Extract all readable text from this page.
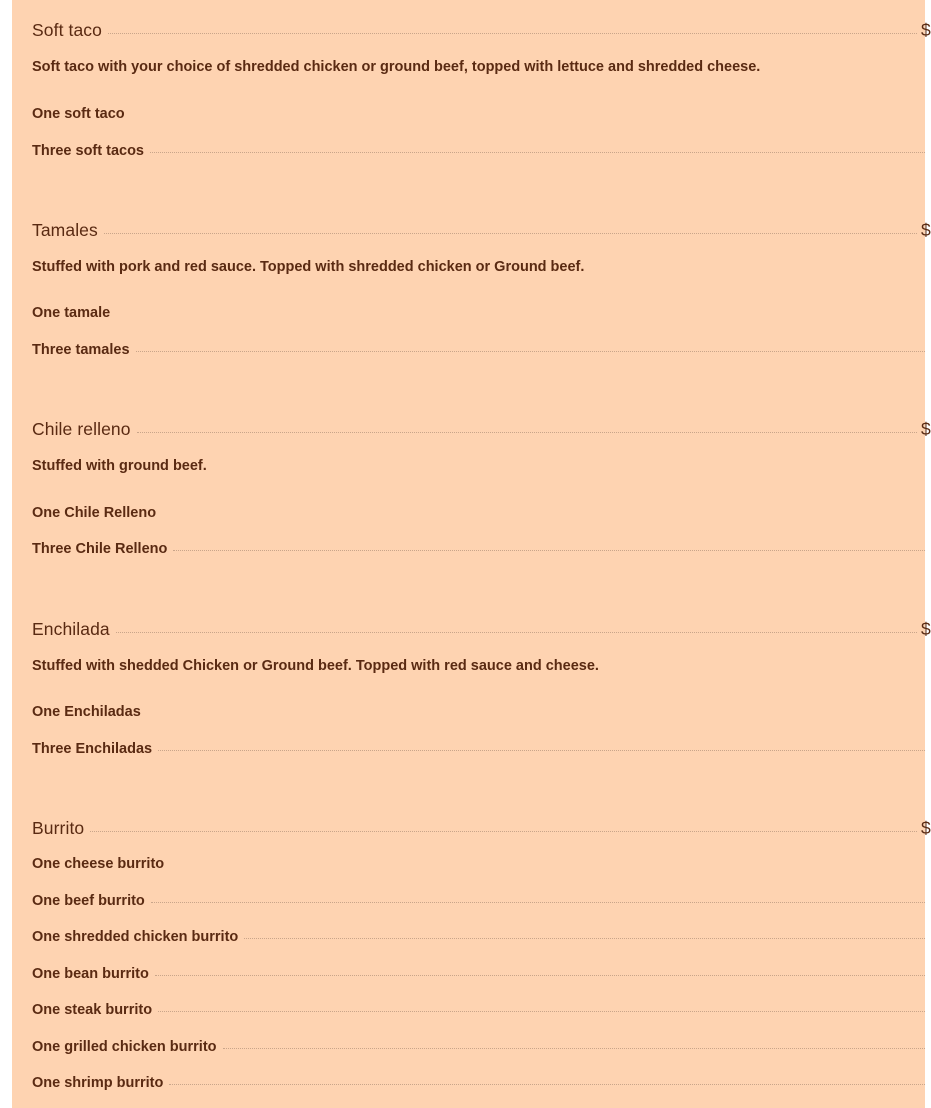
Soft taco	$
Soft taco with your choice of shredded chicken or ground beef, topped with lettuce and shredded cheese.
One soft taco
Three soft tacos
Tamales	$
Stuffed with pork and red sauce. Topped with shredded chicken or Ground beef.
One tamale
Three tamales
Chile relleno	$
Stuffed with ground beef.
One Chile Relleno
Three Chile Relleno
Enchilada	$
Stuffed with shedded Chicken or Ground beef. Topped with red sauce and cheese.
One Enchiladas
Three Enchiladas
Burrito	$
One cheese burrito
One beef burrito
One shredded chicken burrito
One bean burrito
One steak burrito
One grilled chicken burrito
One shrimp burrito
